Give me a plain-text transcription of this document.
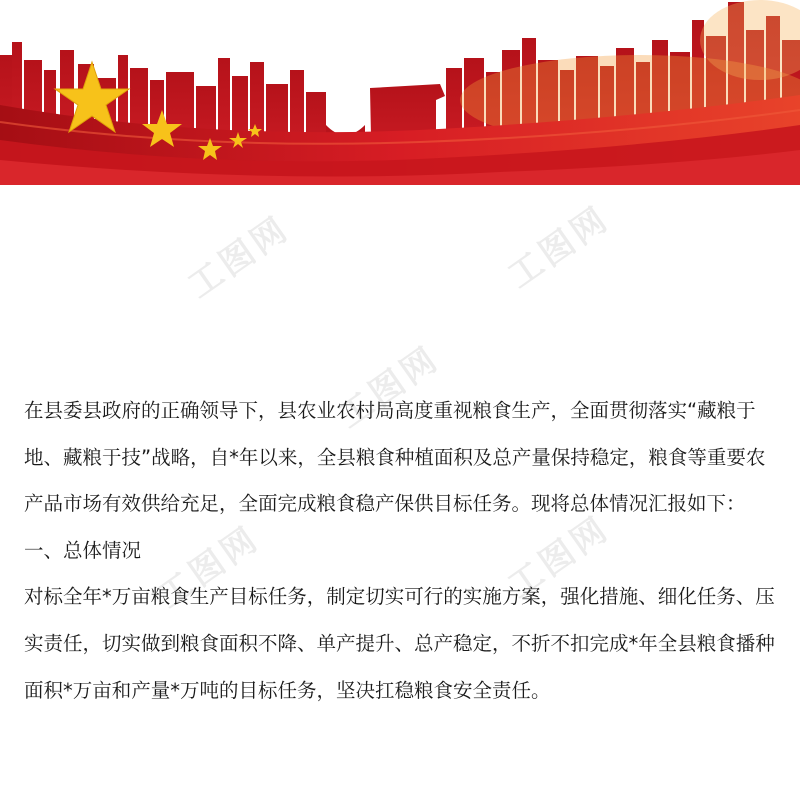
工图网	工图网
工图网
工图网	工图网

在县委县政府的正确领导下，县农业农村局高度重视粮食生产，全面贯彻落实“藏粮于地、藏粮于技”战略，自*年以来，全县粮食种植面积及总产量保持稳定，粮食等重要农产品市场有效供给充足，全面完成粮食稳产保供目标任务。现将总体情况汇报如下：

一、总体情况

对标全年*万亩粮食生产目标任务，制定切实可行的实施方案，强化措施、细化任务、压实责任，切实做到粮食面积不降、单产提升、总产稳定，不折不扣完成*年全县粮食播种面积*万亩和产量*万吨的目标任务，坚决扛稳粮食安全责任。
